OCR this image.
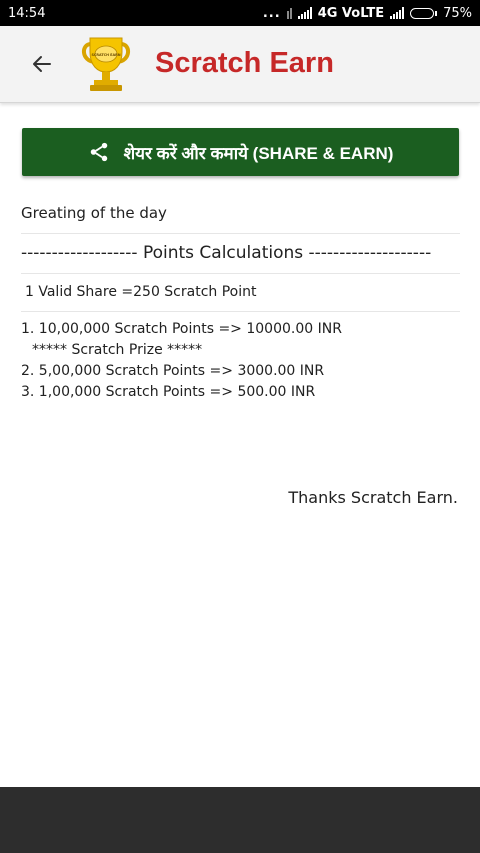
14:54	...	4G VoLTE	75%
SCRATCH EARN Scratch Earn
शेयर करें और कमाये (SHARE & EARN)
Greating of the day
------------------- Points Calculations --------------------
1 Valid Share =250 Scratch Point
1. 10,00,000 Scratch Points => 10000.00 INR
***** Scratch Prize *****
2. 5,00,000 Scratch Points => 3000.00 INR
3. 1,00,000 Scratch Points => 500.00 INR
Thanks Scratch Earn.
